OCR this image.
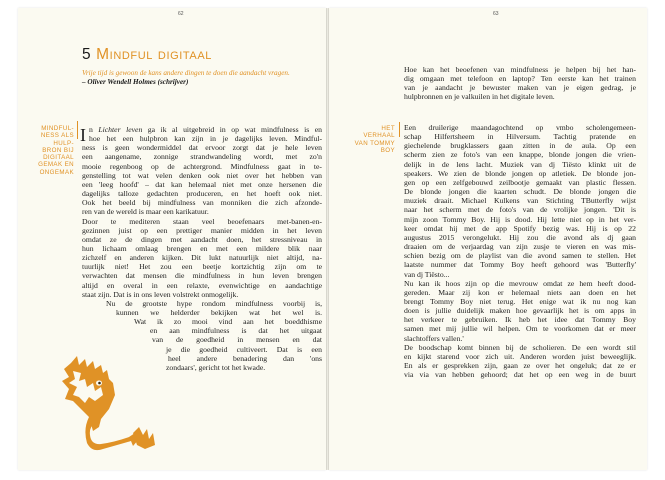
62
5 Mindful digitaal
Vrije tijd is gewoon de kans andere dingen te doen die aandacht vragen.
– Oliver Wendell Holmes (schrijver)
MINDFUL-
NESS ALS
HULP-
BRON BIJ
DIGITAAL
GEMAK EN
ONGEMAK
I n Lichter leven ga ik al uitgebreid in op wat mindfulness is en

hoe het een hulpbron kan zijn in je dagelijks leven. Mindful-

ness is geen wondermiddel dat ervoor zorgt dat je hele leven

een aangename, zonnige strandwandeling wordt, met zo'n

mooie regenboog op de achtergrond. Mindfulness gaat in te-

genstelling tot wat velen denken ook niet over het hebben van

een 'leeg hoofd' – dat kan helemaal niet met onze hersenen die

dagelijks talloze gedachten produceren, en het hoeft ook niet.

Ook het beeld bij mindfulness van monniken die zich afzonde-

ren van de wereld is maar een karikatuur.

Door te mediteren staan veel beoefenaars met-banen-en-

gezinnen juist op een prettiger manier midden in het leven

omdat ze de dingen met aandacht doen, het stressniveau in

hun lichaam omlaag brengen en met een mildere blik naar

zichzelf en anderen kijken. Dit lukt natuurlijk niet altijd, na-

tuurlijk niet! Het zou een beetje kortzichtig zijn om te

verwachten dat mensen die mindfulness in hun leven brengen

altijd en overal in een relaxte, evenwichtige en aandachtige

staat zijn. Dat is in ons leven volstrekt onmogelijk.

Nu de grootste hype rondom mindfulness voorbij is,

kunnen we helderder bekijken wat het wel is.

Wat ik zo mooi vind aan het boeddhisme

en aan mindfulness is dat het uitgaat

van de goedheid in mensen en dat

je die goedheid cultiveert. Dat is een

heel andere benadering dan 'ons

zondaars', gericht tot het kwade.

63

Hoe kan het beoefenen van mindfulness je helpen bij het han-

dig omgaan met telefoon en laptop? Ten eerste kan het trainen

van je aandacht je bewuster maken van je eigen gedrag, je

hulpbronnen en je valkuilen in het digitale leven.

HET
VERHAAL
VAN TOMMY
BOY

Een druilerige maandagochtend op vmbo scholengemeen-

schap Hilfertsheem in Hilversum. Tachtig pratende en

giechelende brugklassers gaan zitten in de aula. Op een

scherm zien ze foto's van een knappe, blonde jongen die vrien-

delijk in de lens lacht. Muziek van dj Tiësto klinkt uit de

speakers. We zien de blonde jongen op atletiek. De blonde jon-

gen op een zelfgebouwd zeilbootje gemaakt van plastic flessen.

De blonde jongen die kaarten schudt. De blonde jongen die

muziek draait. Michael Kulkens van Stichting TButterfly wijst

naar het scherm met de foto's van de vrolijke jongen. 'Dit is

mijn zoon Tommy Boy. Hij is dood. Hij lette niet op in het ver-

keer omdat hij met de app Spotify bezig was. Hij is op 22

augustus 2015 verongelukt. Hij zou die avond als dj gaan

draaien om de verjaardag van zijn zusje te vieren en was mis-

schien bezig om de playlist van die avond samen te stellen. Het

laatste nummer dat Tommy Boy heeft gehoord was 'Butterfly'

van dj Tiësto...

Nu kan ik hoos zijn op die mevrouw omdat ze hem heeft dood-

gereden. Maar zij kon er helemaal niets aan doen en het

brengt Tommy Boy niet terug. Het enige wat ik nu nog kan

doen is jullie duidelijk maken hoe gevaarlijk het is om apps in

het verkeer te gebruiken. Ik heb het idee dat Tommy Boy

samen met mij jullie wil helpen. Om te voorkomen dat er meer

slachtoffers vallen.'

De boodschap komt binnen bij de scholieren. De een wordt stil

en kijkt starend voor zich uit. Anderen worden juist beweeglijk.

En als er gesprekken zijn, gaan ze over het ongeluk; dat ze er

via via van hebben gehoord; dat het op een weg in de buurt
